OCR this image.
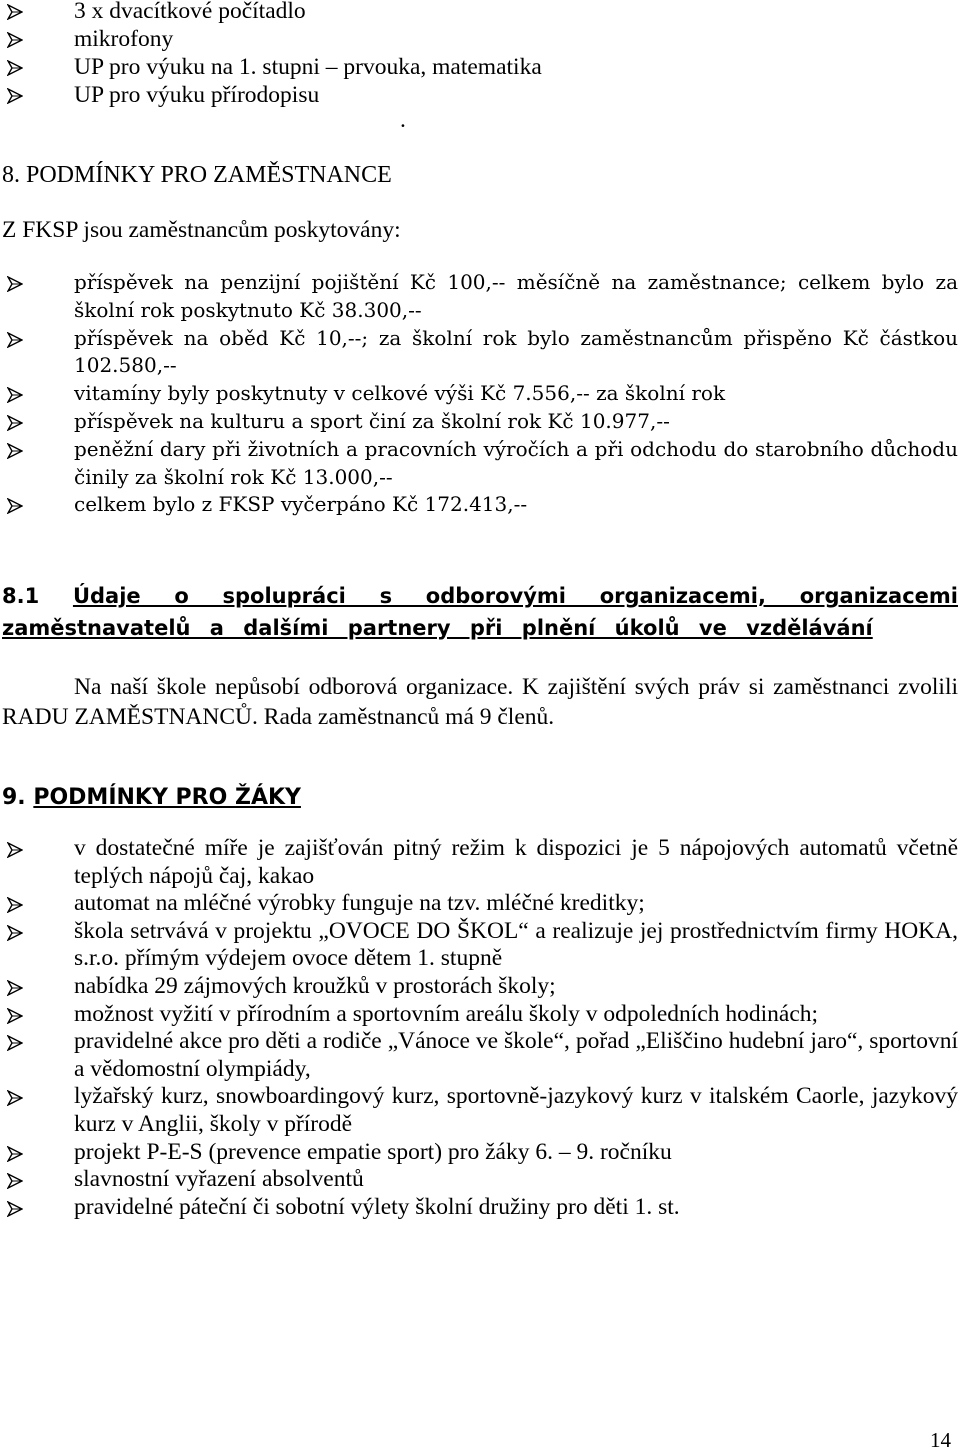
3 x dvacítkové počítadlo
mikrofony
UP pro výuku na 1. stupni – prvouka, matematika
UP pro výuku přírodopisu
.
8. PODMÍNKY PRO ZAMĚSTNANCE
Z FKSP jsou zaměstnancům poskytovány:
příspěvek na penzijní pojištění Kč 100,-- měsíčně na zaměstnance; celkem bylo za školní rok poskytnuto Kč 38.300,--
příspěvek na oběd Kč 10,--; za školní rok bylo zaměstnancům přispěno Kč částkou 102.580,--
vitamíny byly poskytnuty v celkové výši Kč 7.556,-- za školní rok
příspěvek na kulturu a sport činí za školní rok Kč 10.977,--
peněžní dary při životních a pracovních výročích a při odchodu do starobního důchodu činily za školní rok Kč 13.000,--
celkem bylo z FKSP vyčerpáno Kč 172.413,--
8.1 Údaje o spolupráci s odborovými organizacemi, organizacemi zaměstnavatelů a dalšími partnery při plnění úkolů ve vzdělávání
Na naší škole nepůsobí odborová organizace. K zajištění svých práv si zaměstnanci zvolili RADU ZAMĚSTNANCŮ. Rada zaměstnanců má 9 členů.
9. PODMÍNKY PRO ŽÁKY
v dostatečné míře je zajišťován pitný režim k dispozici je 5 nápojových automatů včetně teplých nápojů čaj, kakao
automat na mléčné výrobky funguje na tzv. mléčné kreditky;
škola setrvává v projektu „OVOCE DO ŠKOL“ a realizuje jej prostřednictvím firmy HOKA, s.r.o. přímým výdejem ovoce dětem 1. stupně
nabídka 29 zájmových kroužků v prostorách školy;
možnost vyžití v přírodním a sportovním areálu školy v odpoledních hodinách;
pravidelné akce pro děti a rodiče „Vánoce ve škole“, pořad „Eliščino hudební jaro“, sportovní a vědomostní olympiády,
lyžařský kurz, snowboardingový kurz, sportovně-jazykový kurz v italském Caorle, jazykový kurz v Anglii, školy v přírodě
projekt P-E-S (prevence empatie sport) pro žáky 6. – 9. ročníku
slavnostní vyřazení absolventů
pravidelné páteční či sobotní výlety školní družiny pro děti 1. st.
14
